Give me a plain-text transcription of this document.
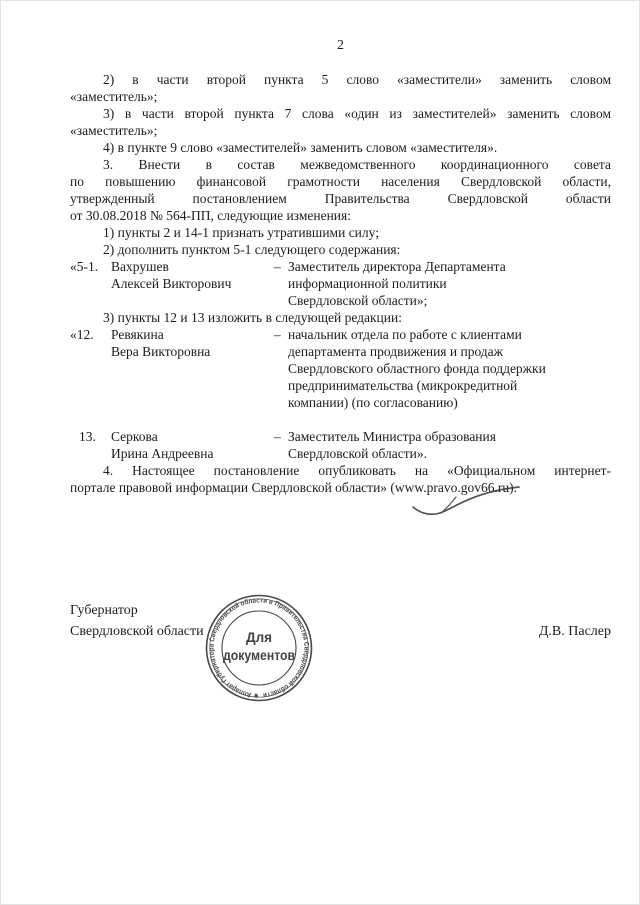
2
2) в части второй пункта 5 слово «заместители» заменить словом
«заместитель»;
3) в части второй пункта 7 слова «один из заместителей» заменить словом
«заместитель»;
4) в пункте 9 слово «заместителей» заменить словом «заместителя».
3. Внести в состав межведомственного координационного совета
по повышению финансовой грамотности населения Свердловской области,
утвержденный постановлением Правительства Свердловской области
от 30.08.2018 № 564-ПП, следующие изменения:
1) пункты 2 и 14-1 признать утратившими силу;
2) дополнить пунктом 5-1 следующего содержания:
«5-1. Вахрушев
Алексей Викторович
– Заместитель директора Департамента
информационной политики
Свердловской области»;
3) пункты 12 и 13 изложить в следующей редакции:
«12.	Ревякина
Вера Викторовна
– начальник отдела по работе с клиентами
департамента продвижения и продаж
Свердловского областного фонда поддержки
предпринимательства (микрокредитной
компании) (по согласованию)
13.	Серкова
Ирина Андреевна
– Заместитель Министра образования
Свердловской области».
4. Настоящее постановление опубликовать на «Официальном интернет-
портале правовой информации Свердловской области» (www.pravo.gov66.ru).
Губернатор
Свердловской области	Д.В. Паслер
★ Аппарат Губернатора Свердловской области и Правительства Свердловской области
Для
документов
